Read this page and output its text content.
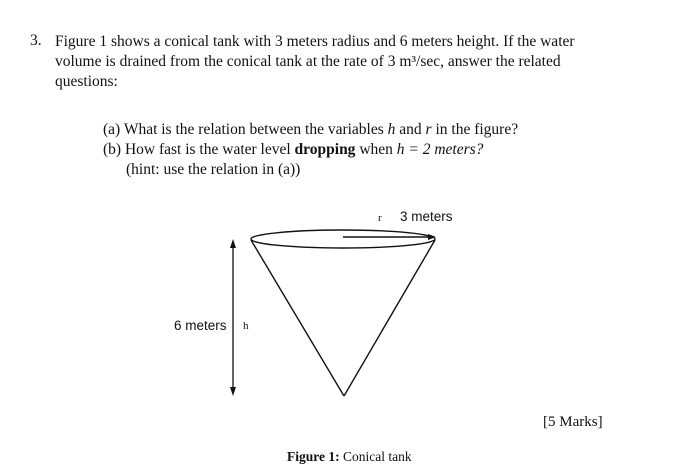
3. Figure 1 shows a conical tank with 3 meters radius and 6 meters height. If the water
volume is drained from the conical tank at the rate of 3 m³/sec, answer the related
questions:
(a) What is the relation between the variables h and r in the figure?
(b) How fast is the water level dropping when h = 2 meters?
(hint: use the relation in (a))
3 meters
r
6 meters h
Figure 1: Conical tank
[5 Marks]
